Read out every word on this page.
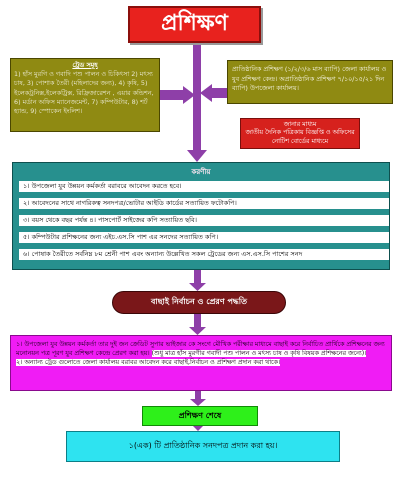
প্রশিক্ষণ
ট্রেড সমূহ
1) হাঁস মুরগি ও গবাদি পশু পালন ও চিকিৎসা 2) মৎস্য চাষ, 3) পোশাক তৈরী (মহিলাদের জন্য), 4) কৃষি, 5) ইলেকট্রনিক্স,ইলেকট্রিক্স, রিফ্রিজারেশন , এয়ার কন্ডিশন, 6) মর্ডান অফিস ম্যানেজমেন্ট, 7) কম্পিউটার, 8) শর্ট হ্যান্ড, 9) স্পোকেন ইংলিশ।
প্রাতিষ্ঠানিক প্রশিক্ষণ (১/২/৩/৬ মাস ব্যাপি) জেলা কার্যালয় ও যুব প্রশিক্ষণ কেন্দ্র। অপ্রাতিষ্ঠানিক প্রশিক্ষণ ৭/১০/১৫/২১ দিন ব্যাপি) উপজেলা কার্যালয়।
জানার মাধ্যম
জাতীয় দৈনিক পত্রিকায় বিজ্ঞপ্তি ও অফিসের নোটিশ বোর্ডের মাধ্যমে
করণীয়
১। উপজেলা যুব উন্নয়ন কর্মকর্তা বরাবরে আবেদন করতে হবে।
২। আবেদনের সাথে নাগরিকত্ব সনদপত্র/ভোটার আইডি কার্ডের সত্যায়িত ফটোকপি।
৩। বয়স থেকে বছর পর্যন্ত ৪। পাসপোর্ট সাইজের কপি সত্যায়িত ছবি।
৫। কম্পিউটার প্রশিক্ষনের জন্য এইচ.এস.সি পাশ এর সনদের সত্যায়িত কপি।
৬। পোষাক তৈরীতে সর্বনিম্ন ৮ম শ্রেনী পাশ এবং অন্যান্য উল্লেখিত সকল ট্রেডের জন্য এস.এস.সি পাশের সনদ
বাছাই নির্বাচন ও প্রেরণ পদ্ধতি
১। উপজেলা যুব উন্নয়ন কর্মকর্তা তার দুই জন ক্রেডিট সুপার ভাইজার কে সংগে মৌখিক পরীক্ষার মাধ্যমে বাছাই করে নির্বাচিত প্রার্থিকে প্রশিক্ষনের জন্য মনোনয়ন পত্র পূরণ যুব প্রশিক্ষণ কেন্দ্রে প্রেরণ করা হয়। (শুধু মাত্র হাঁস মুরগীর গবাদী পশু পালন ও মৎস্য চাষ ও কৃষি বিষয়ক প্রশিক্ষনের জন্যে)।
২। অন্যান্য ট্রেড গুলোতে জেলা কার্যালয় বরাবর আবেদন করে বাছাই,নির্বাচন ও প্রশিক্ষণ প্রদান করা থাকে।
প্রশিক্ষণ শেষে
১(এক) টি প্রাতিষ্ঠানিক সনদপত্র প্রদান করা হয়।
